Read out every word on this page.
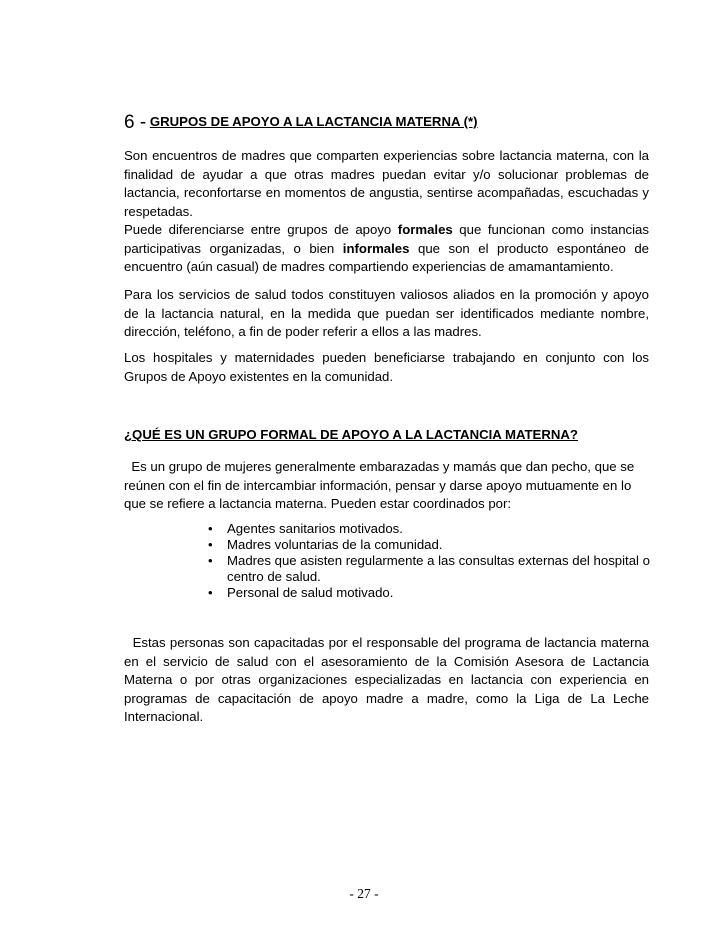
6 - GRUPOS DE APOYO A LA LACTANCIA MATERNA (*)

Son encuentros de madres que comparten experiencias sobre lactancia materna, con la finalidad de ayudar a que otras madres puedan evitar y/o solucionar problemas de lactancia, reconfortarse en momentos de angustia, sentirse acompañadas, escuchadas y respetadas.

Puede diferenciarse entre grupos de apoyo formales que funcionan como instancias participativas organizadas, o bien informales que son el producto espontáneo de encuentro (aún casual) de madres compartiendo experiencias de amamantamiento.

Para los servicios de salud todos constituyen valiosos aliados en la promoción y apoyo de la lactancia natural, en la medida que puedan ser identificados mediante nombre, dirección, teléfono, a fin de poder referir a ellos a las madres.

Los hospitales y maternidades pueden beneficiarse trabajando en conjunto con los Grupos de Apoyo existentes en la comunidad.

¿QUÉ ES UN GRUPO FORMAL DE APOYO A LA LACTANCIA MATERNA?

Es un grupo de mujeres generalmente embarazadas y mamás que dan pecho, que se reúnen con el fin de intercambiar información, pensar y darse apoyo mutuamente en lo que se refiere a lactancia materna. Pueden estar coordinados por:

• Agentes sanitarios motivados.
• Madres voluntarias de la comunidad.
• Madres que asisten regularmente a las consultas externas del hospital o centro de salud.
• Personal de salud motivado.

Estas personas son capacitadas por el responsable del programa de lactancia materna en el servicio de salud con el asesoramiento de la Comisión Asesora de Lactancia Materna o por otras organizaciones especializadas en lactancia con experiencia en programas de capacitación de apoyo madre a madre, como la Liga de La Leche Internacional.

- 27 -
